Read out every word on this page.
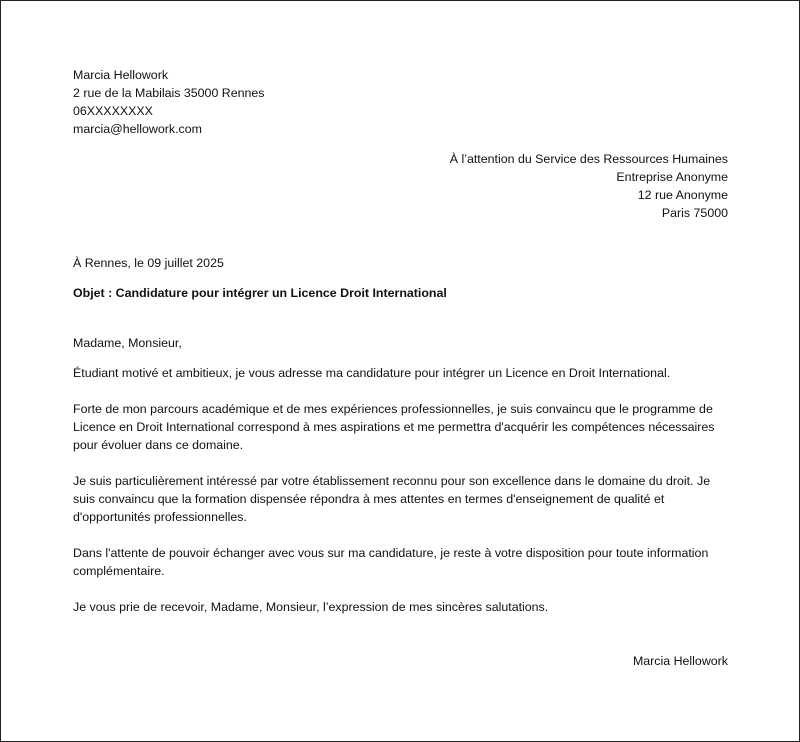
Marcia Hellowork

2 rue de la Mabilais 35000 Rennes

06XXXXXXXX

marcia@hellowork.com

À l’attention du Service des Ressources Humaines

Entreprise Anonyme

12 rue Anonyme

Paris 75000

À Rennes, le 09 juillet 2025

Objet : Candidature pour intégrer un Licence Droit International

Madame, Monsieur,

Étudiant motivé et ambitieux, je vous adresse ma candidature pour intégrer un Licence en Droit International.

Forte de mon parcours académique et de mes expériences professionnelles, je suis convaincu que le programme de Licence en Droit International correspond à mes aspirations et me permettra d'acquérir les compétences nécessaires pour évoluer dans ce domaine.

Je suis particulièrement intéressé par votre établissement reconnu pour son excellence dans le domaine du droit. Je suis convaincu que la formation dispensée répondra à mes attentes en termes d'enseignement de qualité et d'opportunités professionnelles.

Dans l'attente de pouvoir échanger avec vous sur ma candidature, je reste à votre disposition pour toute information complémentaire.

Je vous prie de recevoir, Madame, Monsieur, l’expression de mes sincères salutations.

Marcia Hellowork
